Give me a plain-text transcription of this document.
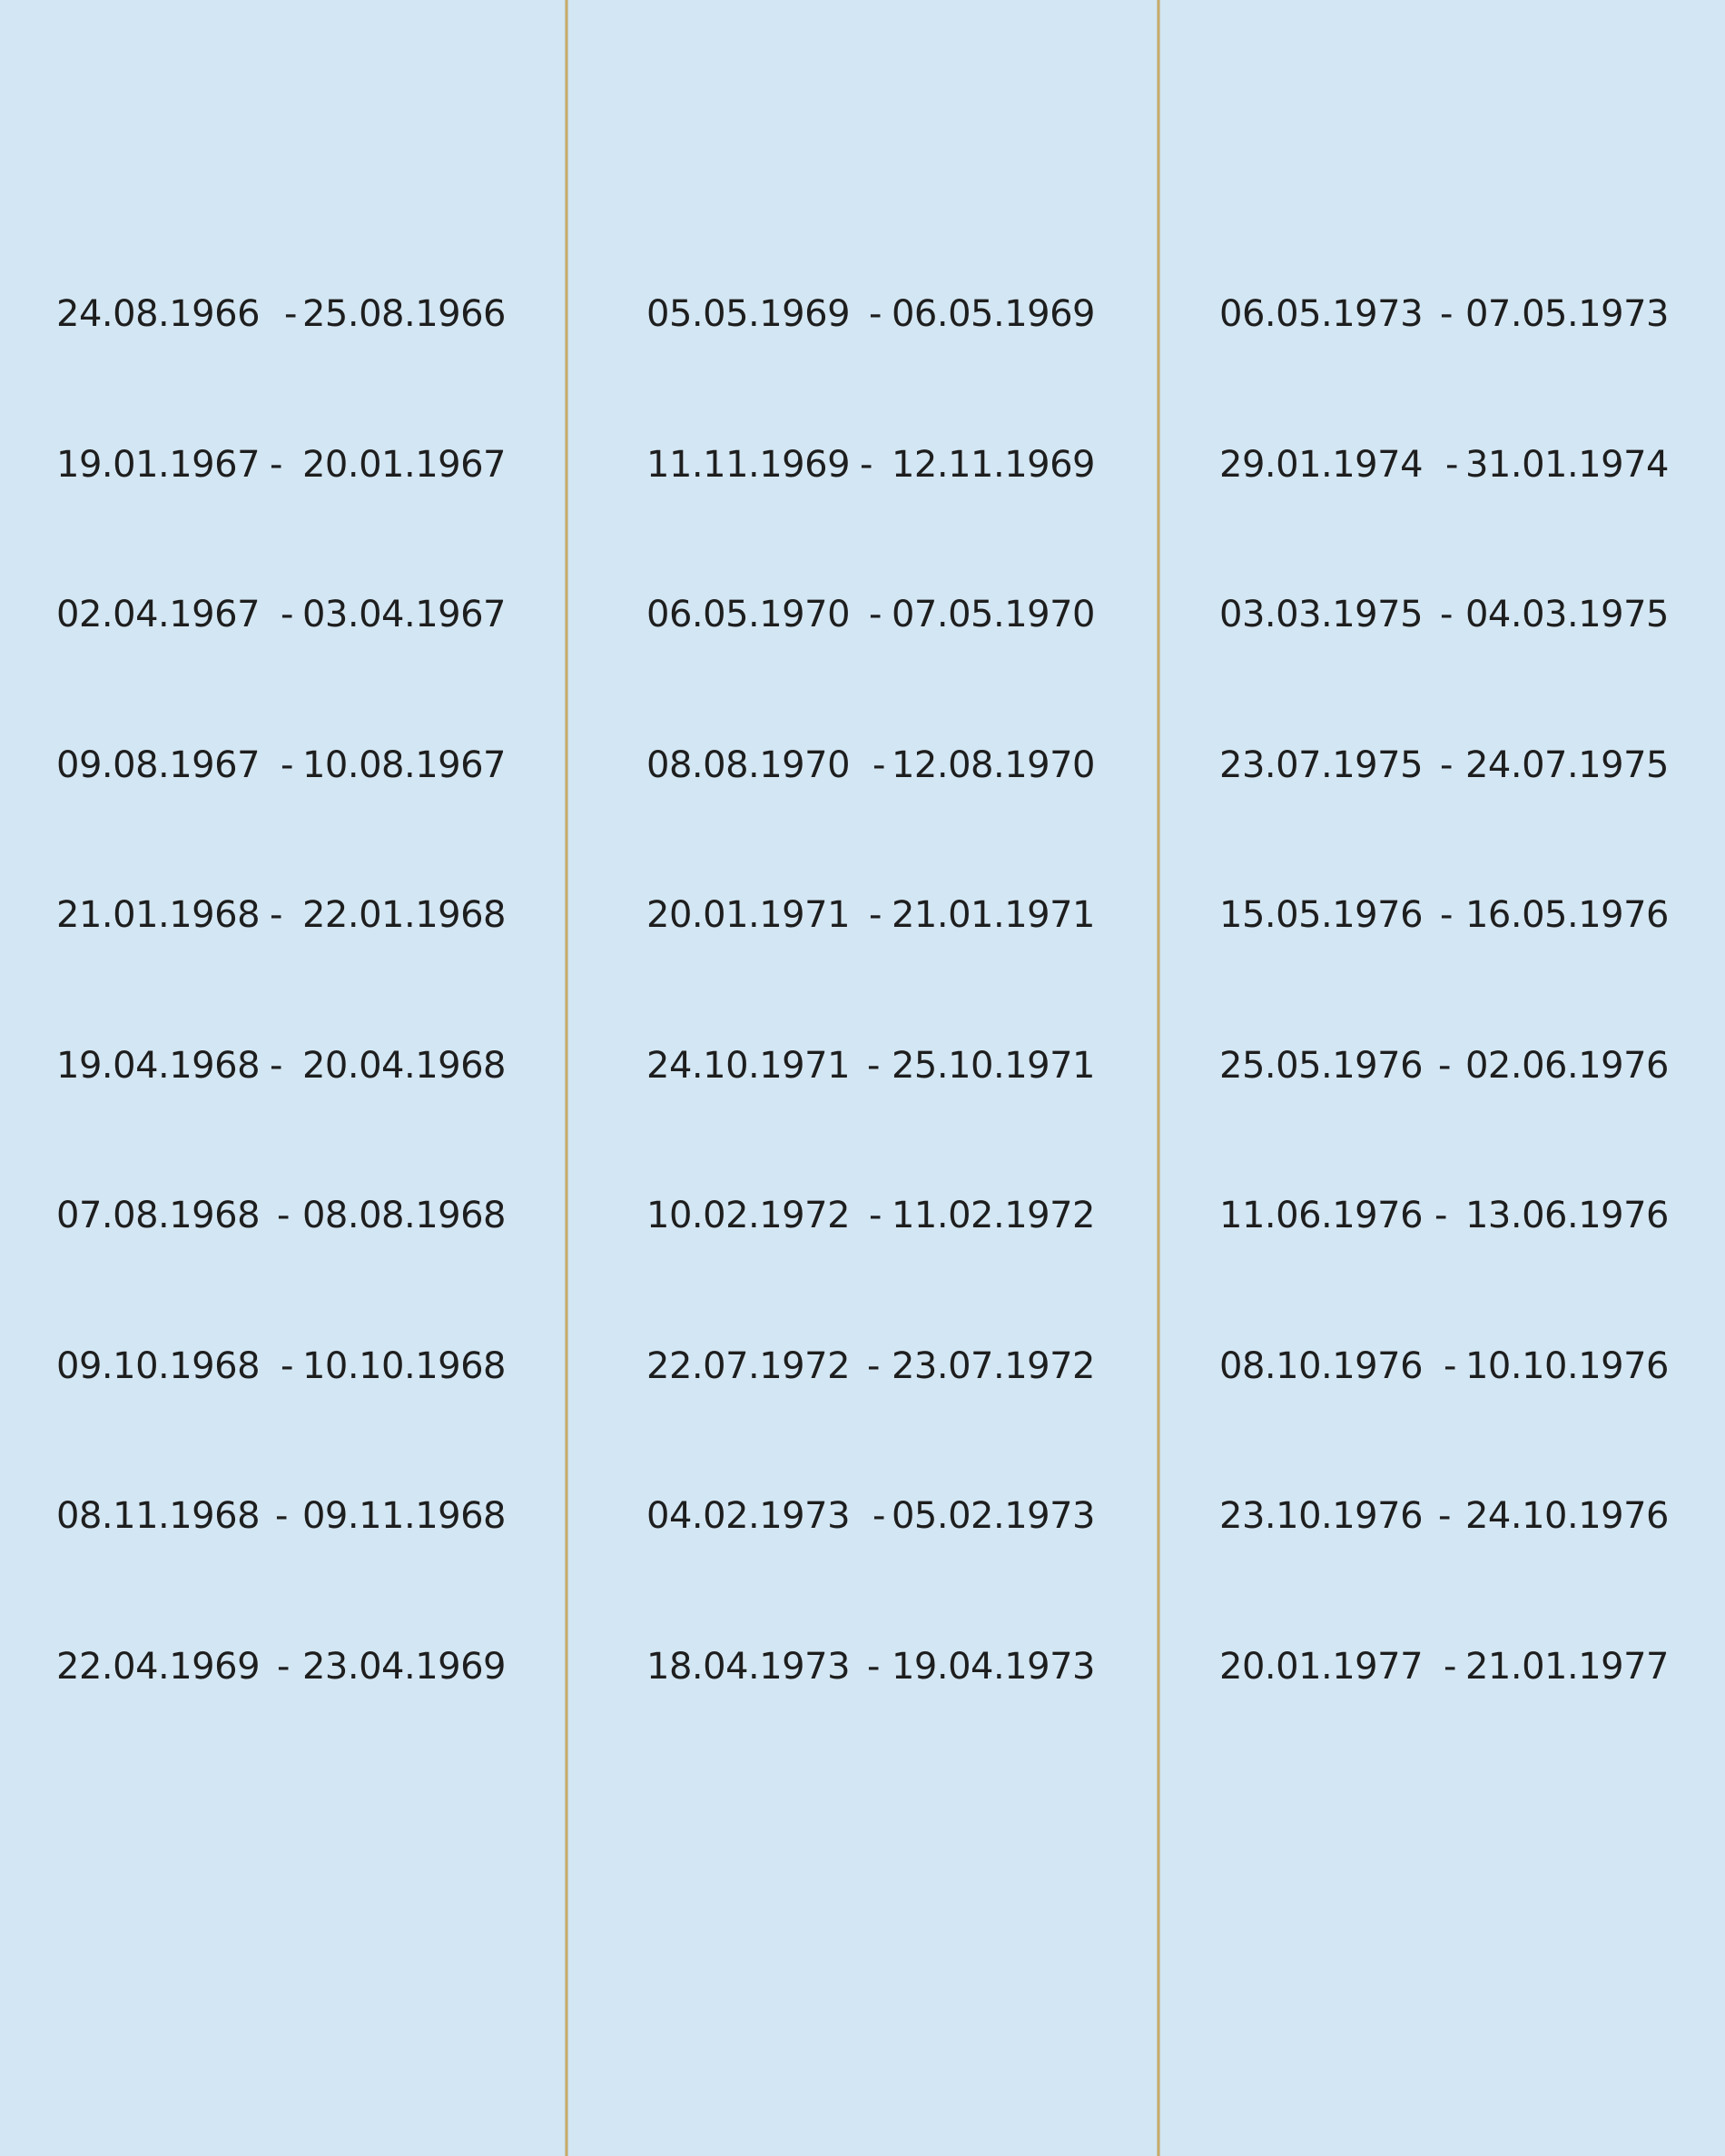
24.08.1966 - 25.08.1966
19.01.1967 - 20.01.1967
02.04.1967 - 03.04.1967
09.08.1967 - 10.08.1967
21.01.1968 - 22.01.1968
19.04.1968 - 20.04.1968
07.08.1968 - 08.08.1968
09.10.1968 - 10.10.1968
08.11.1968 - 09.11.1968
22.04.1969 - 23.04.1969
05.05.1969 - 06.05.1969
11.11.1969 - 12.11.1969
06.05.1970 - 07.05.1970
08.08.1970 - 12.08.1970
20.01.1971 - 21.01.1971
24.10.1971 - 25.10.1971
10.02.1972 - 11.02.1972
22.07.1972 - 23.07.1972
04.02.1973 - 05.02.1973
18.04.1973 - 19.04.1973
06.05.1973 - 07.05.1973
29.01.1974 - 31.01.1974
03.03.1975 - 04.03.1975
23.07.1975 - 24.07.1975
15.05.1976 - 16.05.1976
25.05.1976 - 02.06.1976
11.06.1976 - 13.06.1976
08.10.1976 - 10.10.1976
23.10.1976 - 24.10.1976
20.01.1977 - 21.01.1977
